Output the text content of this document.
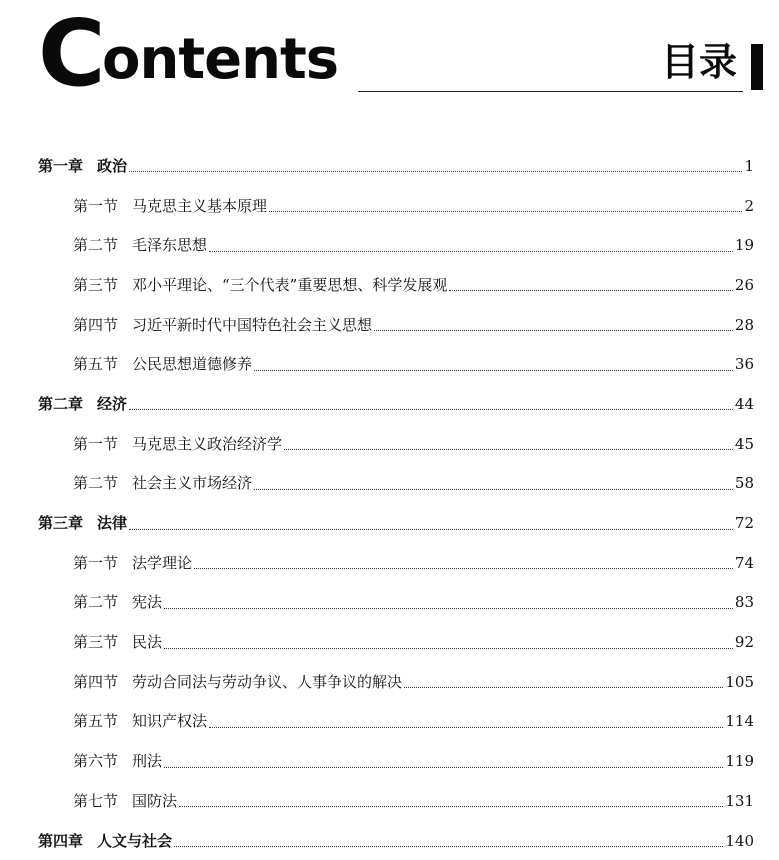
C
ontents	目录
第一章 政治	1
第一节 马克思主义基本原理	2
第二节 毛泽东思想	19
第三节 邓小平理论、“三个代表”重要思想、科学发展观	26
第四节 习近平新时代中国特色社会主义思想	28
第五节 公民思想道德修养	36
第二章 经济	44
第一节 马克思主义政治经济学	45
第二节 社会主义市场经济	58
第三章 法律	72
第一节 法学理论	74
第二节 宪法	83
第三节 民法	92
第四节 劳动合同法与劳动争议、人事争议的解决	105
第五节 知识产权法	114
第六节 刑法	119
第七节 国防法	131
第四章 人文与社会	140
